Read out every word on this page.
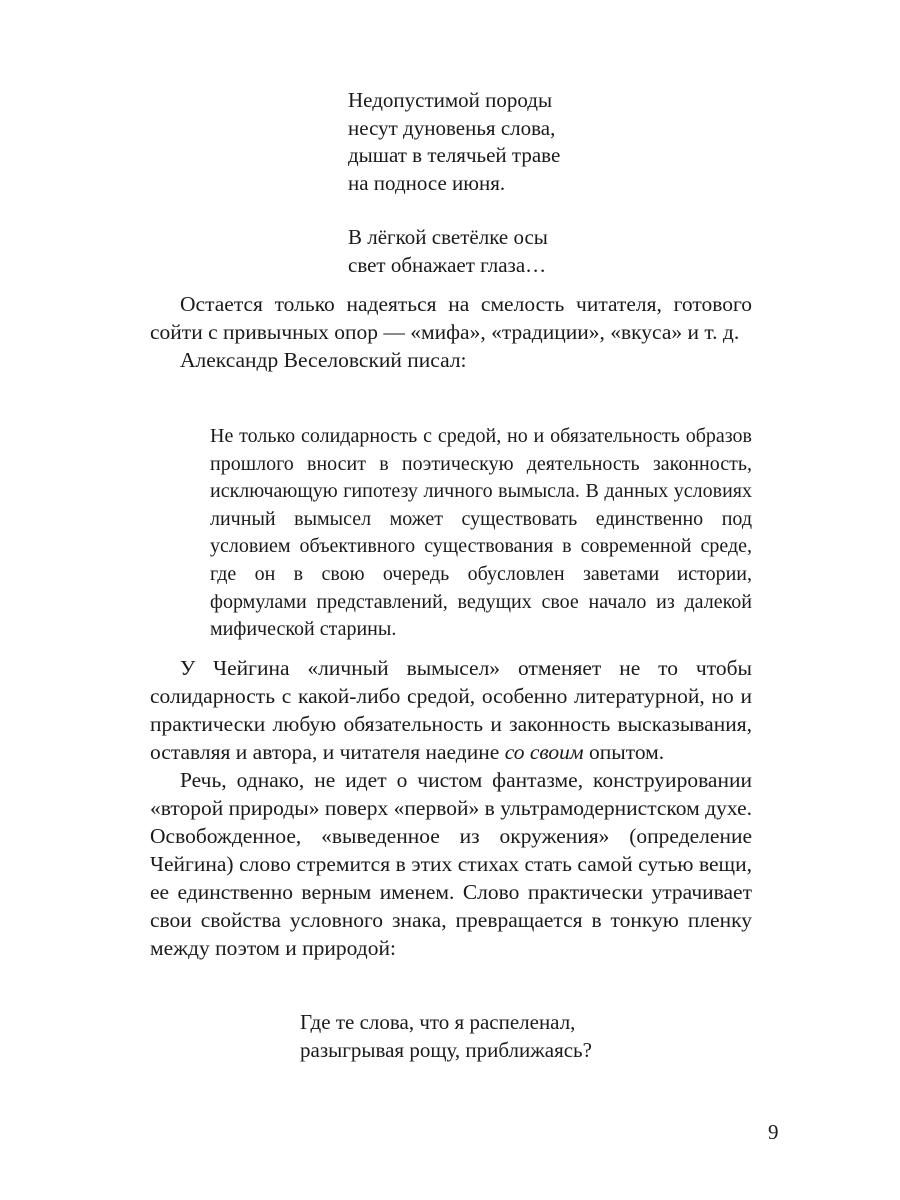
Недопустимой породы
несут дуновенья слова,
дышат в телячьей траве
на подносе июня.
В лёгкой светёлке осы
свет обнажает глаза…

Остается только надеяться на смелость читателя, готового сойти с привычных опор — «мифа», «традиции», «вкуса» и т. д.

Александр Веселовский писал:

Не только солидарность с средой, но и обязательность образов прошлого вносит в поэтическую деятельность законность, исключающую гипотезу личного вымысла. В данных условиях личный вымысел может существовать единственно под условием объективного существования в современной среде, где он в свою очередь обусловлен заветами истории, формулами представлений, ведущих свое начало из далекой мифической старины.

У Чейгина «личный вымысел» отменяет не то чтобы солидарность с какой-либо средой, особенно литературной, но и практически любую обязательность и законность высказывания, оставляя и автора, и читателя наедине со своим опытом.

Речь, однако, не идет о чистом фантазме, конструировании «второй природы» поверх «первой» в ультрамодернистском духе. Освобожденное, «выведенное из окружения» (определение Чейгина) слово стремится в этих стихах стать самой сутью вещи, ее единственно верным именем. Слово практически утрачивает свои свойства условного знака, превращается в тонкую пленку между поэтом и природой:

Где те слова, что я распеленал,
разыгрывая рощу, приближаясь?
9
